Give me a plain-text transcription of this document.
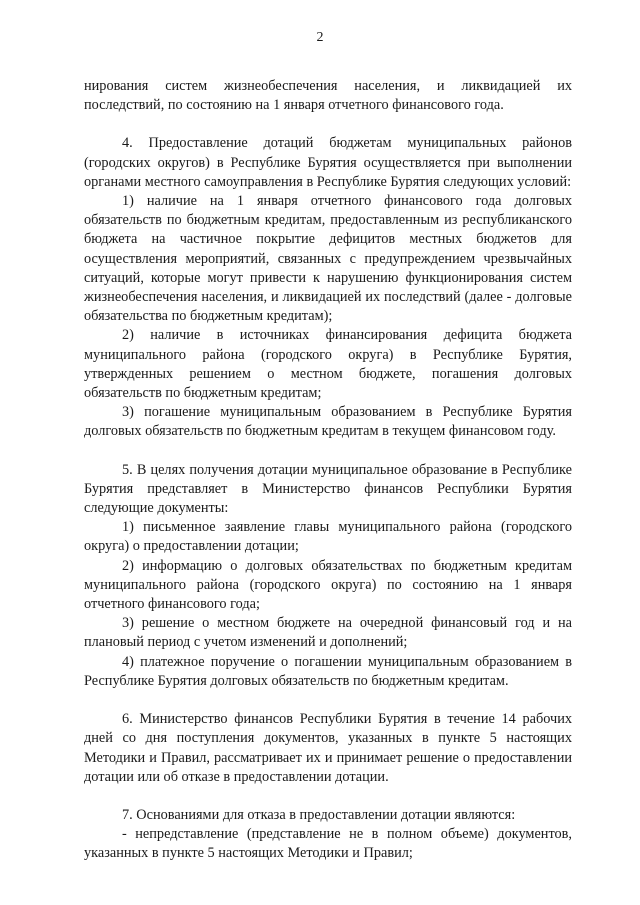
2

нирования систем жизнеобеспечения населения, и ликвидацией их последствий, по состоянию на 1 января отчетного финансового года.

4. Предоставление дотаций бюджетам муниципальных районов (городских округов) в Республике Бурятия осуществляется при выполнении органами местного самоуправления в Республике Бурятия следующих условий:

1) наличие на 1 января отчетного финансового года долговых обязательств по бюджетным кредитам, предоставленным из республиканского бюджета на частичное покрытие дефицитов местных бюджетов для осуществления мероприятий, связанных с предупреждением чрезвычайных ситуаций, которые могут привести к нарушению функционирования систем жизнеобеспечения населения, и ликвидацией их последствий (далее - долговые обязательства по бюджетным кредитам);

2) наличие в источниках финансирования дефицита бюджета муниципального района (городского округа) в Республике Бурятия, утвержденных решением о местном бюджете, погашения долговых обязательств по бюджетным кредитам;

3) погашение муниципальным образованием в Республике Бурятия долговых обязательств по бюджетным кредитам в текущем финансовом году.

5. В целях получения дотации муниципальное образование в Республике Бурятия представляет в Министерство финансов Республики Бурятия следующие документы:

1) письменное заявление главы муниципального района (городского округа) о предоставлении дотации;

2) информацию о долговых обязательствах по бюджетным кредитам муниципального района (городского округа) по состоянию на 1 января отчетного финансового года;

3) решение о местном бюджете на очередной финансовый год и на плановый период с учетом изменений и дополнений;

4) платежное поручение о погашении муниципальным образованием в Республике Бурятия долговых обязательств по бюджетным кредитам.

6. Министерство финансов Республики Бурятия в течение 14 рабочих дней со дня поступления документов, указанных в пункте 5 настоящих Методики и Правил, рассматривает их и принимает решение о предоставлении дотации или об отказе в предоставлении дотации.

7. Основаниями для отказа в предоставлении дотации являются:

- непредставление (представление не в полном объеме) документов, указанных в пункте 5 настоящих Методики и Правил;
